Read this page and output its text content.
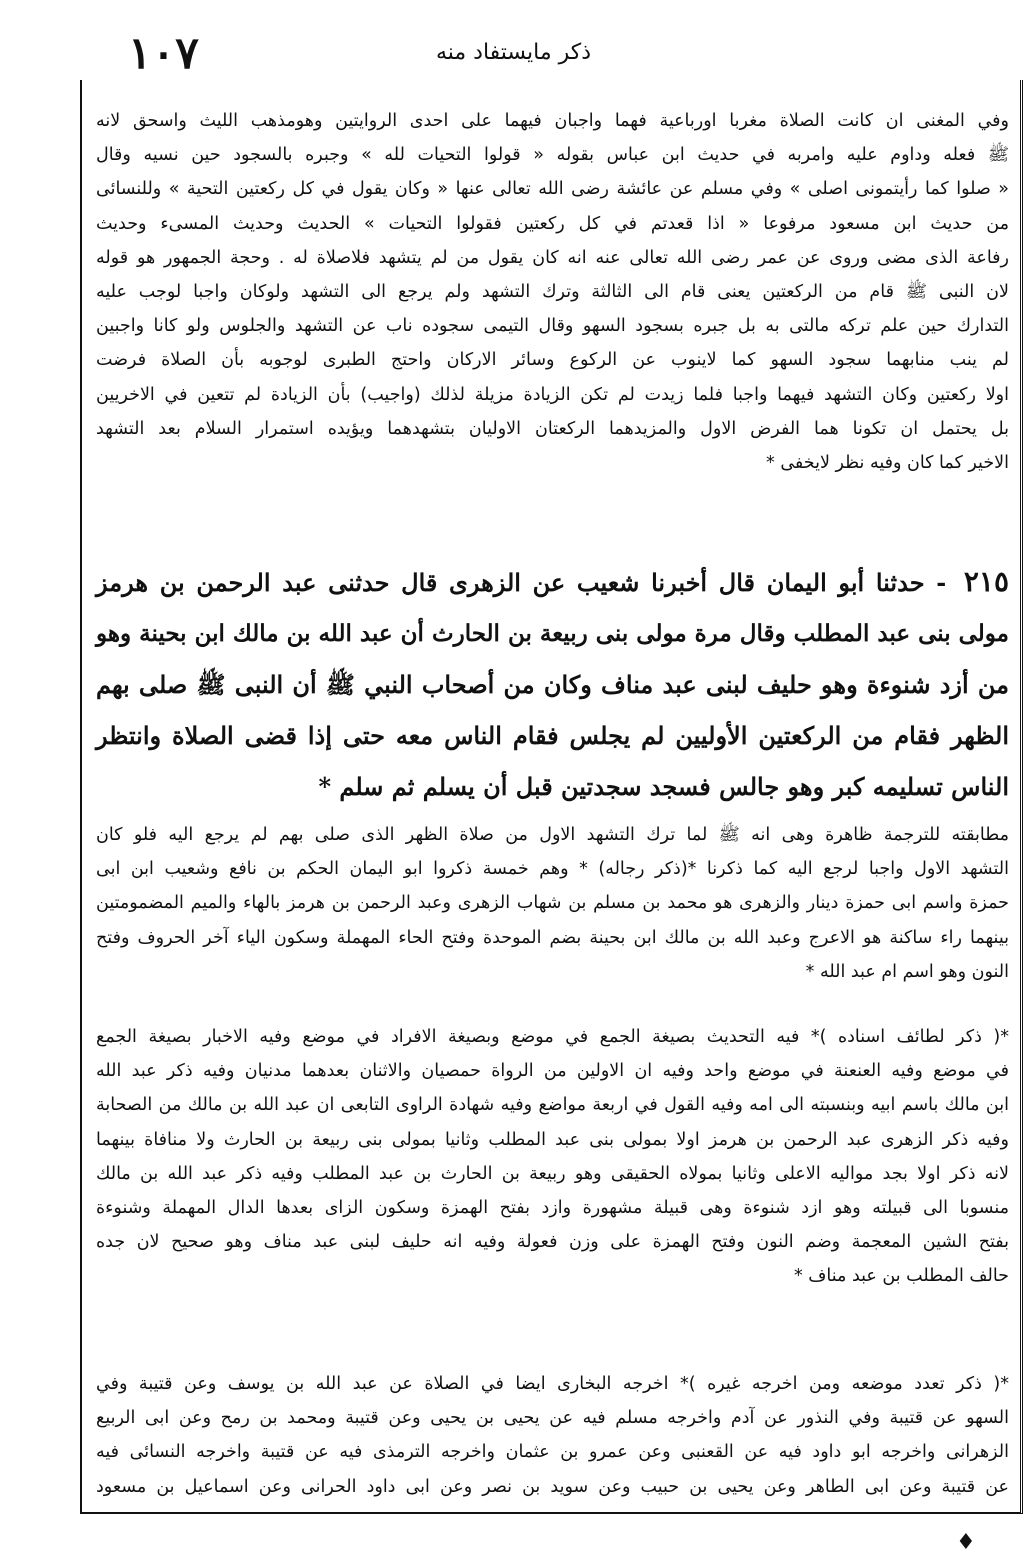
١٠٧	ذكر مايستفاد منه
وفي المغنى ان كانت الصلاة مغربا اورباعية فهما واجبان فيهما على احدى الروايتين وهومذهب الليث واسحق لانه
ﷺ فعله وداوم عليه وامربه في حديث ابن عباس بقوله « قولوا التحيات لله » وجبره بالسجود حين نسيه وقال
« صلوا كما رأيتمونى اصلى » وفي مسلم عن عائشة رضى الله تعالى عنها « وكان يقول في كل ركعتين التحية » وللنسائى
من حديث ابن مسعود مرفوعا « اذا قعدتم في كل ركعتين فقولوا التحيات » الحديث وحديث المسىء وحديث
رفاعة الذى مضى وروى عن عمر رضى الله تعالى عنه انه كان يقول من لم يتشهد فلاصلاة له . وحجة الجمهور هو قوله
لان النبى ﷺ قام من الركعتين يعنى قام الى الثالثة وترك التشهد ولم يرجع الى التشهد ولوكان واجبا لوجب عليه
التدارك حين علم تركه مالتى به بل جبره بسجود السهو وقال التيمى سجوده ناب عن التشهد والجلوس ولو كانا واجبين
لم ينب منابهما سجود السهو كما لاينوب عن الركوع وسائر الاركان واحتج الطبرى لوجوبه بأن الصلاة فرضت
اولا ركعتين وكان التشهد فيهما واجبا فلما زيدت لم تكن الزيادة مزيلة لذلك (واجيب) بأن الزيادة لم تتعين في الاخريين
بل يحتمل ان تكونا هما الفرض الاول والمزيدهما الركعتان الاوليان بتشهدهما ويؤيده استمرار السلام بعد التشهد
الاخير كما كان وفيه نظر لايخفى *
٢١٥ - حدثنا أبو اليمان قال أخبرنا شعيب عن الزهرى قال حدثنى عبد الرحمن بن هرمز
مولى بنى عبد المطلب وقال مرة مولى بنى ربيعة بن الحارث أن عبد الله بن مالك ابن بحينة وهو
من أزد شنوءة وهو حليف لبنى عبد مناف وكان من أصحاب النبي ﷺ أن النبى ﷺ صلى بهم
الظهر فقام من الركعتين الأوليين لم يجلس فقام الناس معه حتى إذا قضى الصلاة وانتظر
الناس تسليمه كبر وهو جالس فسجد سجدتين قبل أن يسلم ثم سلم *
مطابقته للترجمة ظاهرة وهى انه ﷺ لما ترك التشهد الاول من صلاة الظهر الذى صلى بهم لم يرجع اليه فلو كان
التشهد الاول واجبا لرجع اليه كما ذكرنا *(ذكر رجاله) * وهم خمسة ذكروا ابو اليمان الحكم بن نافع وشعيب ابن ابى
حمزة واسم ابى حمزة دينار والزهرى هو محمد بن مسلم بن شهاب الزهرى وعبد الرحمن بن هرمز بالهاء والميم المضمومتين
بينهما راء ساكنة هو الاعرج وعبد الله بن مالك ابن بحينة بضم الموحدة وفتح الحاء المهملة وسكون الياء آخر الحروف وفتح
النون وهو اسم ام عبد الله *
*( ذكر لطائف اسناده )* فيه التحديث بصيغة الجمع في موضع وبصيغة الافراد في موضع وفيه الاخبار بصيغة الجمع
في موضع وفيه العنعنة في موضع واحد وفيه ان الاولين من الرواة حمصيان والاثنان بعدهما مدنيان وفيه ذكر عبد الله
ابن مالك باسم ابيه وبنسبته الى امه وفيه القول في اربعة مواضع وفيه شهادة الراوى التابعى ان عبد الله بن مالك من الصحابة
وفيه ذكر الزهرى عبد الرحمن بن هرمز اولا بمولى بنى عبد المطلب وثانيا بمولى بنى ربيعة بن الحارث ولا منافاة بينهما
لانه ذكر اولا بجد مواليه الاعلى وثانيا بمولاه الحقيقى وهو ربيعة بن الحارث بن عبد المطلب وفيه ذكر عبد الله بن مالك
منسوبا الى قبيلته وهو ازد شنوءة وهى قبيلة مشهورة وازد بفتح الهمزة وسكون الزاى بعدها الدال المهملة وشنوءة
بفتح الشين المعجمة وضم النون وفتح الهمزة على وزن فعولة وفيه انه حليف لبنى عبد مناف وهو صحيح لان جده
حالف المطلب بن عبد مناف *
*( ذكر تعدد موضعه ومن اخرجه غيره )* اخرجه البخارى ايضا في الصلاة عن عبد الله بن يوسف وعن قتيبة وفي
السهو عن قتيبة وفي النذور عن آدم واخرجه مسلم فيه عن يحيى بن يحيى وعن قتيبة ومحمد بن رمح وعن ابى الربيع
الزهرانى واخرجه ابو داود فيه عن القعنبى وعن عمرو بن عثمان واخرجه الترمذى فيه عن قتيبة واخرجه النسائى فيه
عن قتيبة وعن ابى الطاهر وعن يحيى بن حبيب وعن سويد بن نصر وعن ابى داود الحرانى وعن اسماعيل بن مسعود
♦
